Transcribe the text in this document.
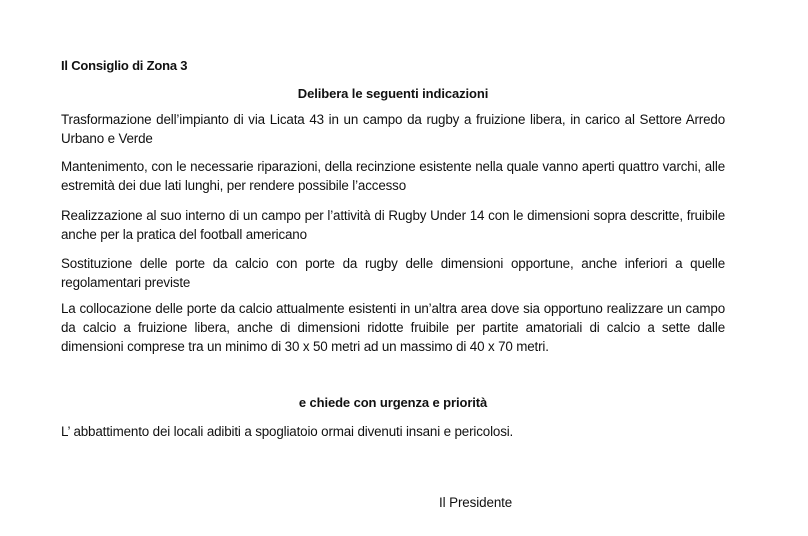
Il Consiglio di Zona 3
Delibera le seguenti indicazioni
Trasformazione dell’impianto di via Licata 43 in un campo da rugby a fruizione libera, in carico al Settore Arredo Urbano e Verde
Mantenimento, con le necessarie riparazioni, della recinzione esistente nella quale vanno aperti quattro varchi, alle estremità dei due lati lunghi, per rendere possibile l’accesso
Realizzazione al suo interno di un campo per l’attività di Rugby Under 14 con le dimensioni sopra descritte, fruibile anche per la pratica del football americano
Sostituzione delle porte da calcio con porte da rugby delle dimensioni opportune, anche inferiori a quelle regolamentari previste
La collocazione delle porte da calcio attualmente esistenti in un’altra area dove sia opportuno realizzare un campo da calcio a fruizione libera, anche di dimensioni ridotte fruibile per partite amatoriali di calcio a sette dalle dimensioni comprese tra un minimo di 30 x 50 metri ad un massimo di 40 x 70 metri.
e chiede con urgenza e priorità
L’ abbattimento dei locali adibiti a spogliatoio ormai divenuti insani e pericolosi.
Il Presidente
